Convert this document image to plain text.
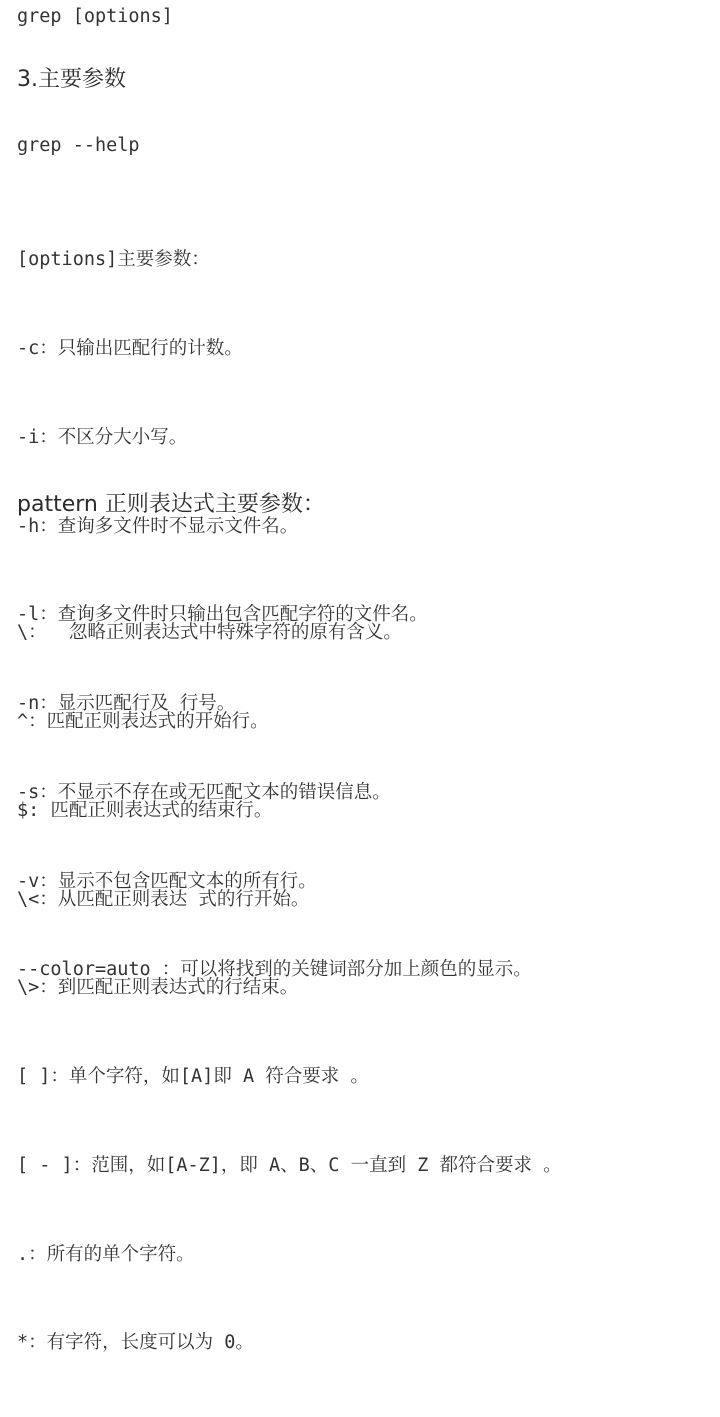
grep [options]
3.主要参数
grep --help

[options]主要参数：

-c：只输出匹配行的计数。

-i：不区分大小写。

-h：查询多文件时不显示文件名。

-l：查询多文件时只输出包含匹配字符的文件名。

-n：显示匹配行及 行号。

-s：不显示不存在或无匹配文本的错误信息。

-v：显示不包含匹配文本的所有行。

--color=auto ：可以将找到的关键词部分加上颜色的显示。

pattern 正则表达式主要参数：

\：  忽略正则表达式中特殊字符的原有含义。

^：匹配正则表达式的开始行。

$: 匹配正则表达式的结束行。

\<：从匹配正则表达 式的行开始。

\>：到匹配正则表达式的行结束。

[ ]：单个字符，如[A]即 A 符合要求 。

[ - ]：范围，如[A-Z]，即 A、B、C 一直到 Z 都符合要求 。

.：所有的单个字符。

*：有字符，长度可以为 0。
